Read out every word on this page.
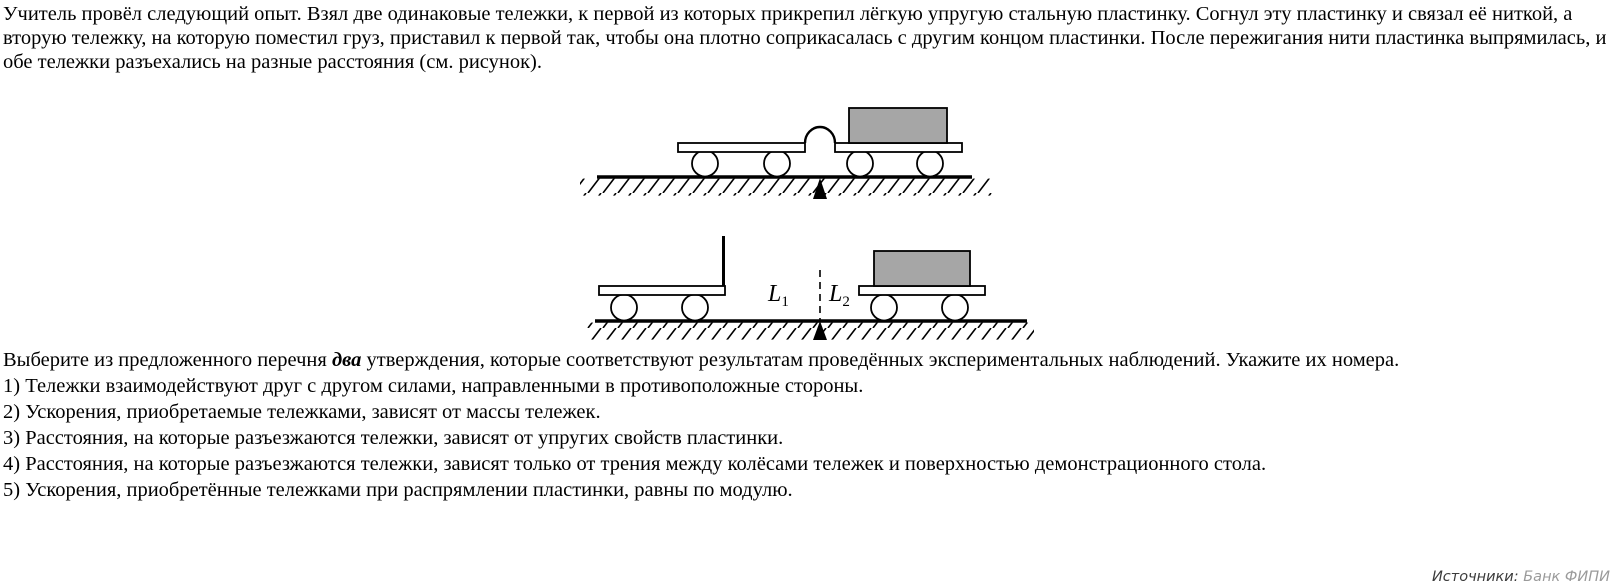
Учитель провёл следующий опыт. Взял две одинаковые тележки, к первой из которых прикрепил лёгкую упругую стальную пластинку. Согнул эту пластинку и связал её ниткой, а вторую тележку, на которую поместил груз, приставил к первой так, чтобы она плотно соприкасалась с другим концом пластинки. После пережигания нити пластинка выпрямилась, и обе тележки разъехались на разные расстояния (см. рисунок).

$L_1$ $L_2$

Выберите из предложенного перечня два утверждения, которые соответствуют результатам проведённых экспериментальных наблюдений. Укажите их номера.

1) Тележки взаимодействуют друг с другом силами, направленными в противоположные стороны.

2) Ускорения, приобретаемые тележками, зависят от массы тележек.

3) Расстояния, на которые разъезжаются тележки, зависят от упругих свойств пластинки.

4) Расстояния, на которые разъезжаются тележки, зависят только от трения между колёсами тележек и поверхностью демонстрационного стола.

5) Ускорения, приобретённые тележками при распрямлении пластинки, равны по модулю.

Источники: Банк ФИПИ
